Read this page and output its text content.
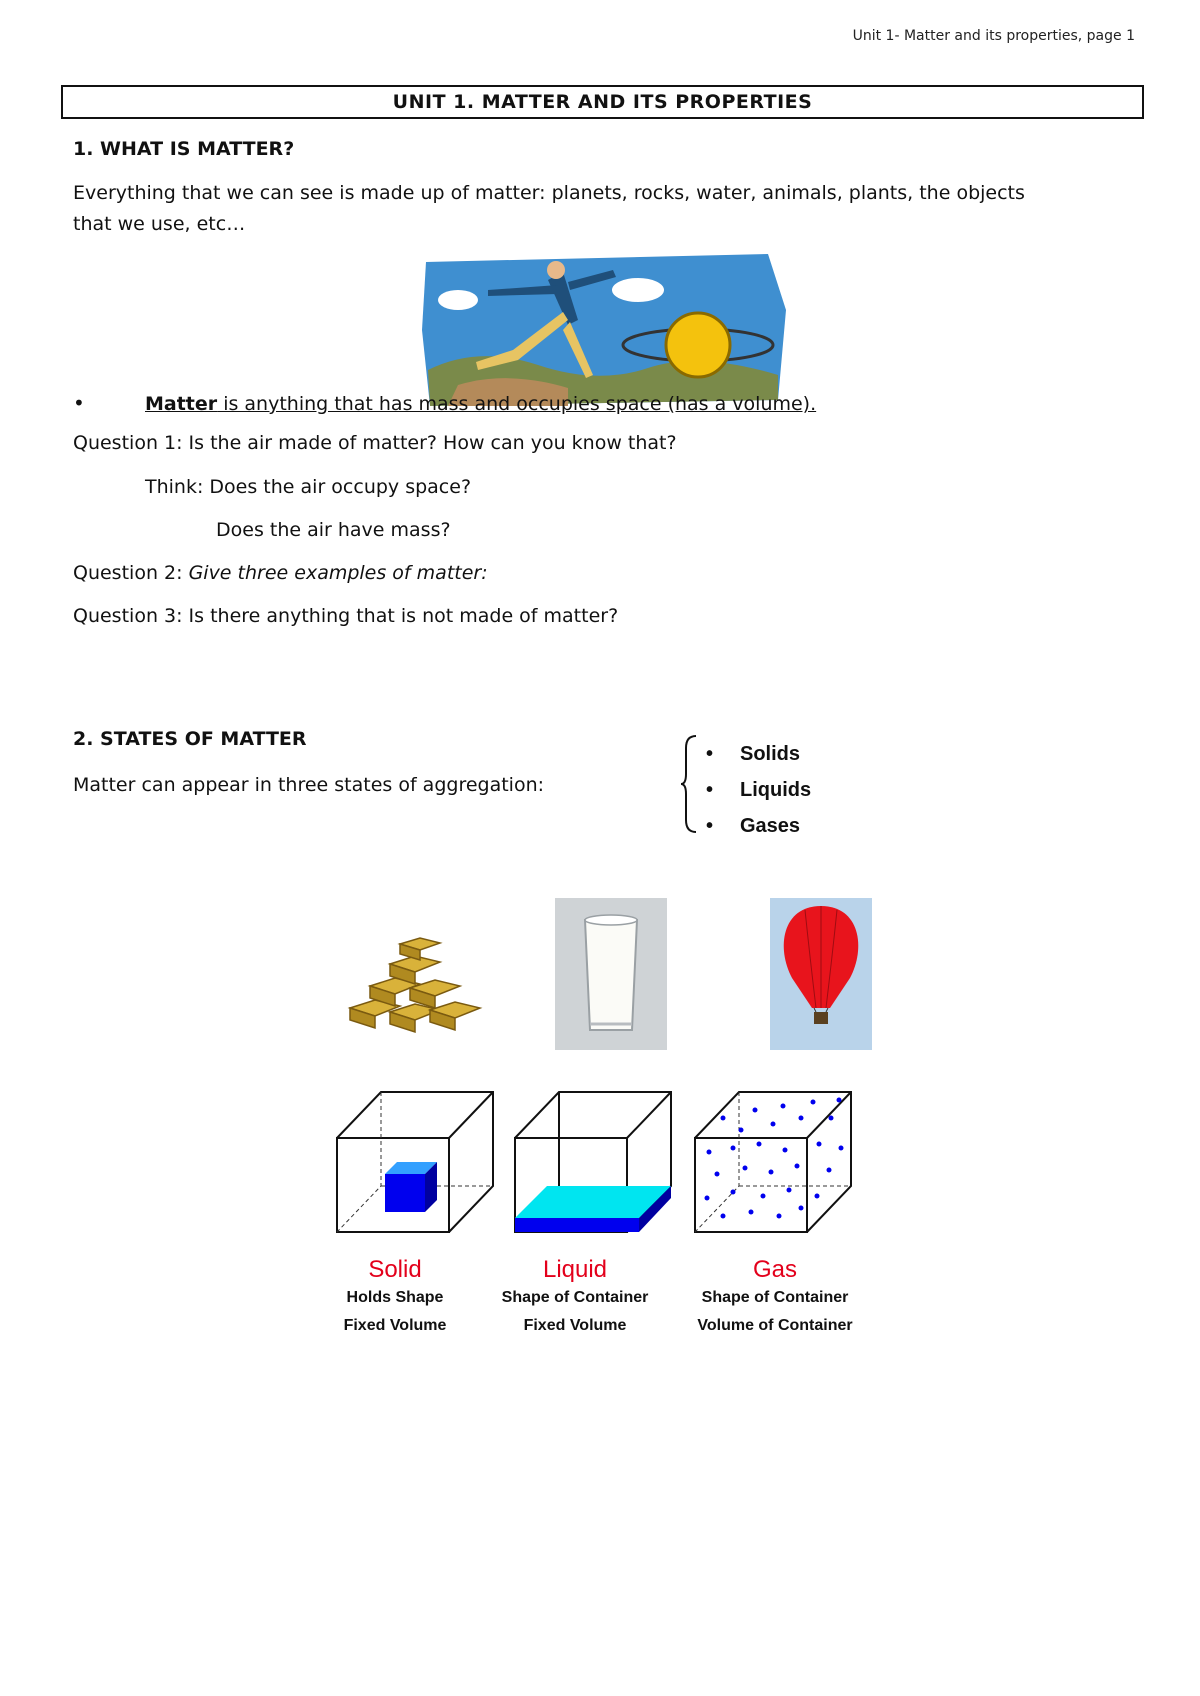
Unit 1- Matter and its properties, page 1
UNIT 1. MATTER AND ITS PROPERTIES
1. WHAT IS MATTER?
Everything that we can see is made up of matter: planets, rocks, water, animals, plants, the objects
that we use, etc…
•	Matter is anything that has mass and occupies space (has a volume).
Question 1: Is the air made of matter? How can you know that?
Think: Does the air occupy space?
Does the air have mass?
Question 2: Give three examples of matter:
Question 3: Is there anything that is not made of matter?
2. STATES OF MATTER
Matter can appear in three states of aggregation:
•	Solids
•	Liquids
•	Gases
Solid
Holds Shape
Fixed Volume
Liquid
Shape of Container
Fixed Volume
Gas
Shape of Container
Volume of Container
